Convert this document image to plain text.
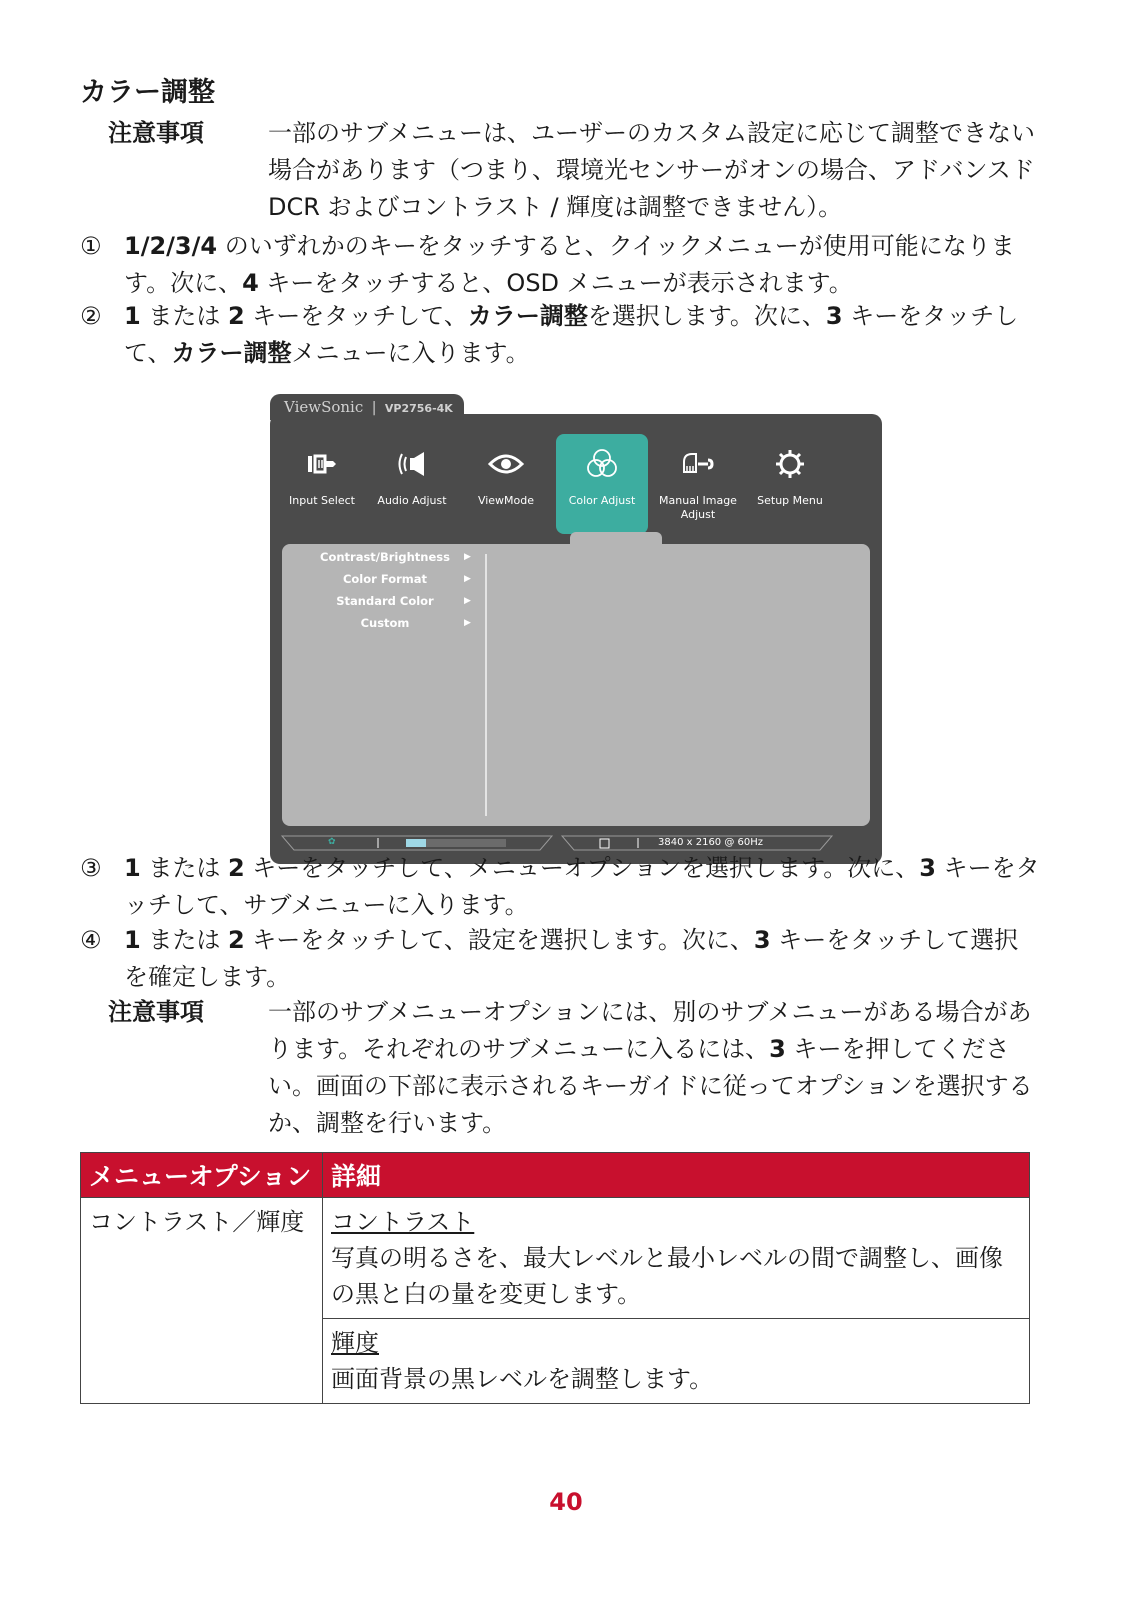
カラー調整
注意事項	一部のサブメニューは、ユーザーのカスタム設定に応じて調整できない場合があります（つまり、環境光センサーがオンの場合、アドバンスド DCR およびコントラスト / 輝度は調整できません）。
① 1/2/3/4 のいずれかのキーをタッチすると、クイックメニューが使用可能になります。次に、4 キーをタッチすると、OSD メニューが表示されます。
② 1 または 2 キーをタッチして、カラー調整を選択します。次に、3 キーをタッチして、カラー調整メニューに入ります。
Input Select	Audio Adjust	ViewMode	Color Adjust	Manual Image Adjust
Setup Menu
Contrast/Brightness	▶
Color Format	▶
Standard Color	▶
Custom	▶
✿	3840 x 2160 @ 60Hz
ViewSonic | VP2756-4K
③ 1 または 2 キーをタッチして、メニューオプションを選択します。次に、3 キーをタッチして、サブメニューに入ります。
④ 1 または 2 キーをタッチして、設定を選択します。次に、3 キーをタッチして選択を確定します。
注意事項	一部のサブメニューオプションには、別のサブメニューがある場合があります。それぞれのサブメニューに入るには、3 キーを押してください。画面の下部に表示されるキーガイドに従ってオプションを選択するか、調整を行います。
メニューオプション	詳細
コントラスト／輝度	コントラスト
写真の明るさを、最大レベルと最小レベルの間で調整し、画像の黒と白の量を変更します。

	輝度
画面背景の黒レベルを調整します。
40
